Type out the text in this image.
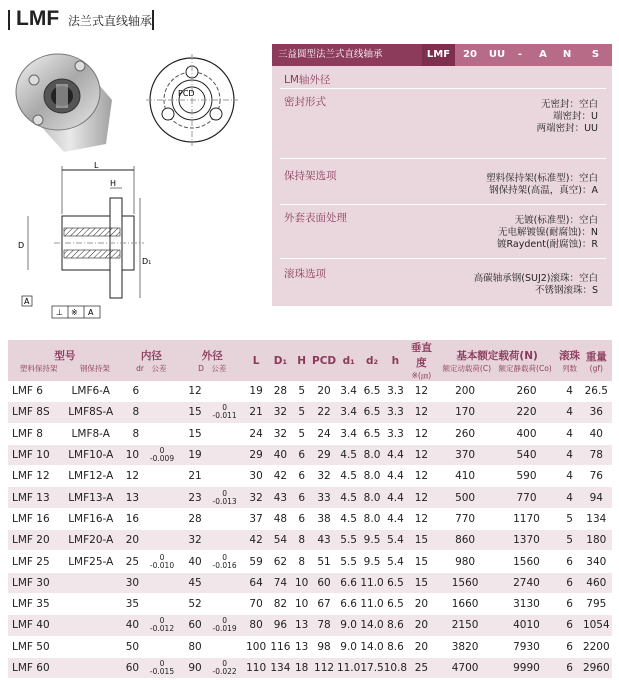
LMF 法兰式直线轴承
PCD
L
H
D
D₁
A
⊥ ※ A
LM轴外径
密封形式	无密封：空白
端密封：U
两端密封：UU
保持架选项	塑料保持架(标准型)：空白
钢保持架(高温，真空)：A
外套表面处理	无镀(标准型)：空白
无电解镀镍(耐腐蚀)：N
镀Raydent(耐腐蚀)：R
滚珠选项	高碳轴承钢(SUJ2)滚珠：空白
不锈钢滚珠：S
三益圆型法兰式直线轴承	LMF	20	UU	-	A	N	S
型号
塑料保持架　　　 钢保持架		内径
dr　 公差		外径
D　 公差		L	D₁	H	PCD	d₁	d₂	h	垂直度
※(㎛)	基本额定载荷(N)
额定动载荷(C)　 额定静载荷(Co)		滚珠
列数	重量
(gf)

LMF 6	LMF6-A	6		12		19	28	5	20	3.4	6.5	3.3	12	200	260	4	26.5
LMF 8S	LMF8S-A	8		15	0
-0.011	21	32	5	22	3.4	6.5	3.3	12	170	220	4	36
LMF 8	LMF8-A	8		15		24	32	5	24	3.4	6.5	3.3	12	260	400	4	40
LMF 10	LMF10-A	10	0
-0.009	19		29	40	6	29	4.5	8.0	4.4	12	370	540	4	78
LMF 12	LMF12-A	12		21		30	42	6	32	4.5	8.0	4.4	12	410	590	4	76
LMF 13	LMF13-A	13		23	0
-0.013	32	43	6	33	4.5	8.0	4.4	12	500	770	4	94
LMF 16	LMF16-A	16		28		37	48	6	38	4.5	8.0	4.4	12	770	1170	5	134
LMF 20	LMF20-A	20		32		42	54	8	43	5.5	9.5	5.4	15	860	1370	5	180
LMF 25	LMF25-A	25	0
-0.010	40	0
-0.016	59	62	8	51	5.5	9.5	5.4	15	980	1560	6	340
LMF 30		30		45		64	74	10	60	6.6	11.0	6.5	15	1560	2740	6	460
LMF 35		35		52		70	82	10	67	6.6	11.0	6.5	20	1660	3130	6	795
LMF 40		40	0
-0.012	60	0
-0.019	80	96	13	78	9.0	14.0	8.6	20	2150	4010	6	1054
LMF 50		50		80		100	116	13	98	9.0	14.0	8.6	20	3820	7930	6	2200
LMF 60		60	0
-0.015	90	0
-0.022	110	134	18	112	11.0	17.5	10.8	25	4700	9990	6	2960
